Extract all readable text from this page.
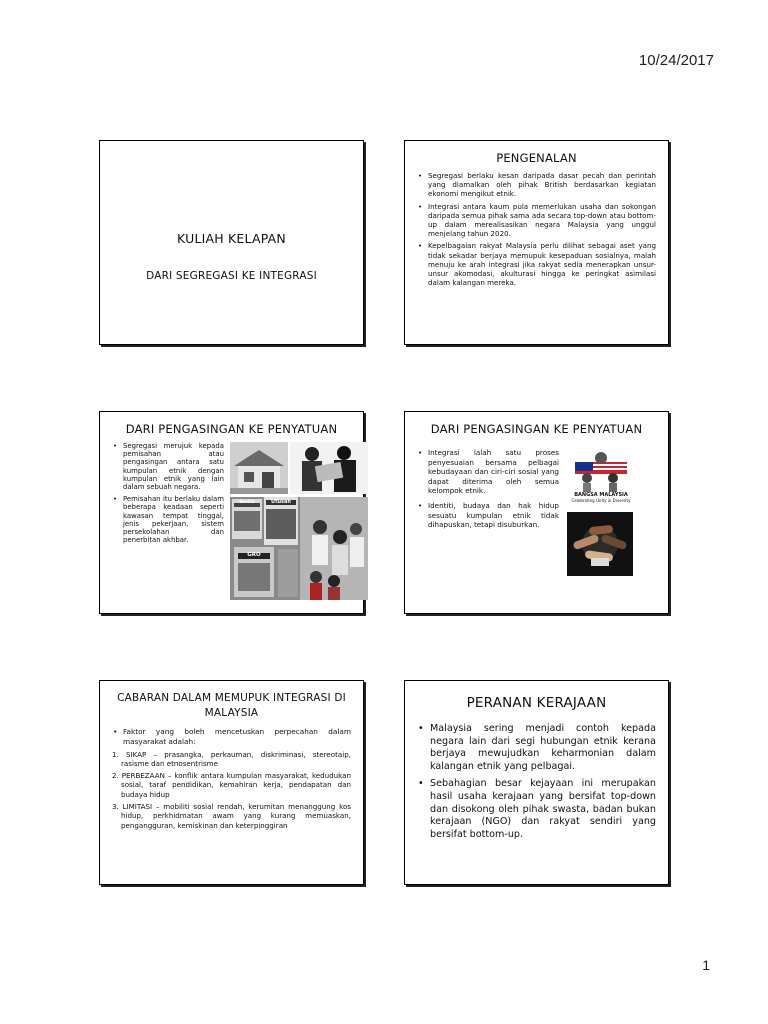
10/24/2017
KULIAH KELAPAN
DARI SEGREGASI KE INTEGRASI
PENGENALAN
• Segregasi berlaku kesan daripada dasar pecah dan perintah yang diamalkan oleh pihak British berdasarkan kegiatan ekonomi mengikut etnik.
• Integrasi antara kaum pula memerlukan usaha dan sokongan daripada semua pihak sama ada secara top-down atau bottom-up dalam merealisasikan negara Malaysia yang unggul menjelang tahun 2020.
• Kepelbagaian rakyat Malaysia perlu dilihat sebagai aset yang tidak sekadar berjaya memupuk kesepaduan sosialnya, malah menuju ke arah integrasi jika rakyat sedia menerapkan unsur-unsur akomodasi, akulturasi hingga ke peringkat asimilasi dalam kalangan mereka.
DARI PENGASINGAN KE PENYATUAN
• Segregasi merujuk kepada pemisahan atau pengasingan antara satu kumpulan etnik dengan kumpulan etnik yang lain dalam sebuah negara.
• Pemisahan itu berlaku dalam beberapa keadaan seperti kawasan tempat tinggal, jenis pekerjaan, sistem persekolahan dan penerbitan akhbar.
Utusan
Berita
GRO
DARI PENGASINGAN KE PENYATUAN
• Integrasi ialah satu proses penyesuaian bersama pelbagai kebudayaan dan ciri-ciri sosial yang dapat diterima oleh semua kelompok etnik.
• Identiti, budaya dan hak hidup sesuatu kumpulan etnik tidak dihapuskan, tetapi disuburkan.
BANGSA MALAYSIA
Celebrating Unity in Diversity
CABARAN DALAM MEMUPUK INTEGRASI DI MALAYSIA
• Faktor yang boleh mencetuskan perpecahan dalam masyarakat adalah:
1. SIKAP – prasangka, perkauman, diskriminasi, stereotaip, rasisme dan etnosentrisme
2. PERBEZAAN – konflik antara kumpulan masyarakat, kedudukan sosial, taraf pendidikan, kemahiran kerja, pendapatan dan budaya hidup
3. LIMITASI – mobiliti sosial rendah, kerumitan menanggung kos hidup, perkhidmatan awam yang kurang memuaskan, pengangguran, kemiskinan dan keterpinggiran
PERANAN KERAJAAN
• Malaysia sering menjadi contoh kepada negara lain dari segi hubungan etnik kerana berjaya mewujudkan keharmonian dalam kalangan etnik yang pelbagai.
• Sebahagian besar kejayaan ini merupakan hasil usaha kerajaan yang bersifat top-down dan disokong oleh pihak swasta, badan bukan kerajaan (NGO) dan rakyat sendiri yang bersifat bottom-up.
1
